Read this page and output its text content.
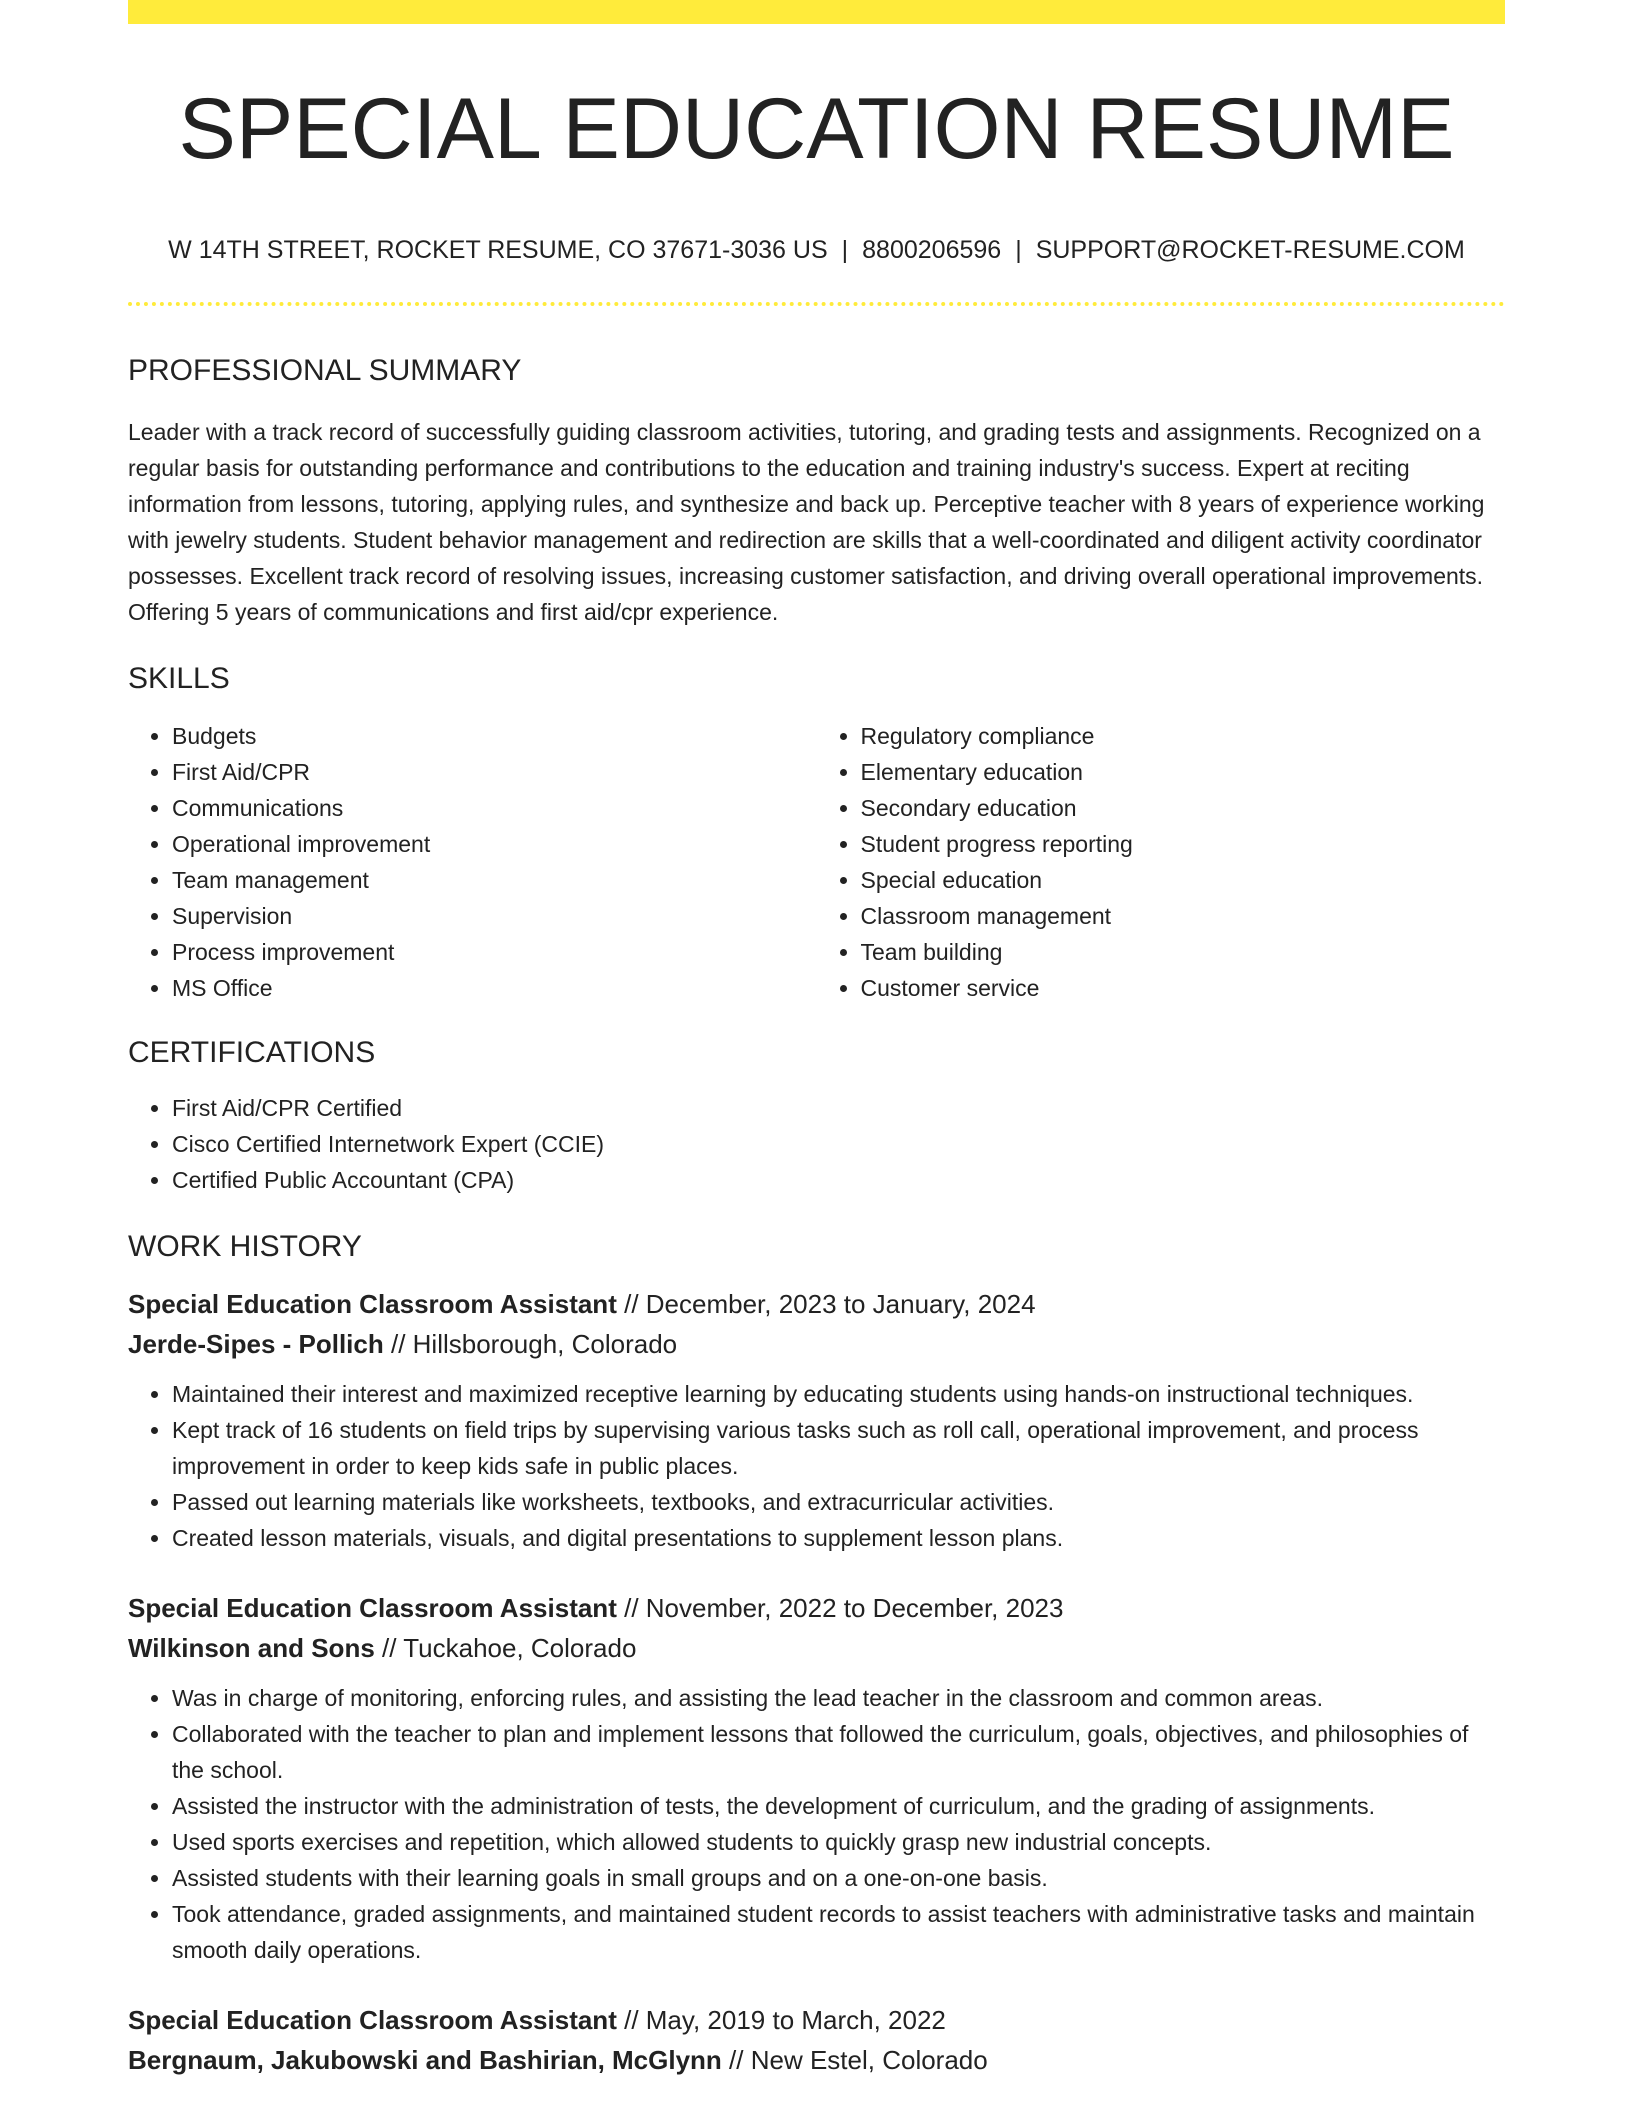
SPECIAL EDUCATION RESUME
W 14TH STREET, ROCKET RESUME, CO 37671-3036 US | 8800206596 | SUPPORT@ROCKET-RESUME.COM
PROFESSIONAL SUMMARY
Leader with a track record of successfully guiding classroom activities, tutoring, and grading tests and assignments. Recognized on a regular basis for outstanding performance and contributions to the education and training industry's success. Expert at reciting information from lessons, tutoring, applying rules, and synthesize and back up. Perceptive teacher with 8 years of experience working with jewelry students. Student behavior management and redirection are skills that a well-coordinated and diligent activity coordinator possesses. Excellent track record of resolving issues, increasing customer satisfaction, and driving overall operational improvements. Offering 5 years of communications and first aid/cpr experience.
SKILLS
• Budgets
• First Aid/CPR
• Communications
• Operational improvement
• Team management
• Supervision
• Process improvement
• MS Office
• Regulatory compliance
• Elementary education
• Secondary education
• Student progress reporting
• Special education
• Classroom management
• Team building
• Customer service
CERTIFICATIONS
• First Aid/CPR Certified
• Cisco Certified Internetwork Expert (CCIE)
• Certified Public Accountant (CPA)
WORK HISTORY
Special Education Classroom Assistant // December, 2023 to January, 2024
Jerde-Sipes - Pollich // Hillsborough, Colorado
• Maintained their interest and maximized receptive learning by educating students using hands-on instructional techniques.
• Kept track of 16 students on field trips by supervising various tasks such as roll call, operational improvement, and process improvement in order to keep kids safe in public places.
• Passed out learning materials like worksheets, textbooks, and extracurricular activities.
• Created lesson materials, visuals, and digital presentations to supplement lesson plans.
Special Education Classroom Assistant // November, 2022 to December, 2023
Wilkinson and Sons // Tuckahoe, Colorado
• Was in charge of monitoring, enforcing rules, and assisting the lead teacher in the classroom and common areas.
• Collaborated with the teacher to plan and implement lessons that followed the curriculum, goals, objectives, and philosophies of the school.
• Assisted the instructor with the administration of tests, the development of curriculum, and the grading of assignments.
• Used sports exercises and repetition, which allowed students to quickly grasp new industrial concepts.
• Assisted students with their learning goals in small groups and on a one-on-one basis.
• Took attendance, graded assignments, and maintained student records to assist teachers with administrative tasks and maintain smooth daily operations.
Special Education Classroom Assistant // May, 2019 to March, 2022
Bergnaum, Jakubowski and Bashirian, McGlynn // New Estel, Colorado
